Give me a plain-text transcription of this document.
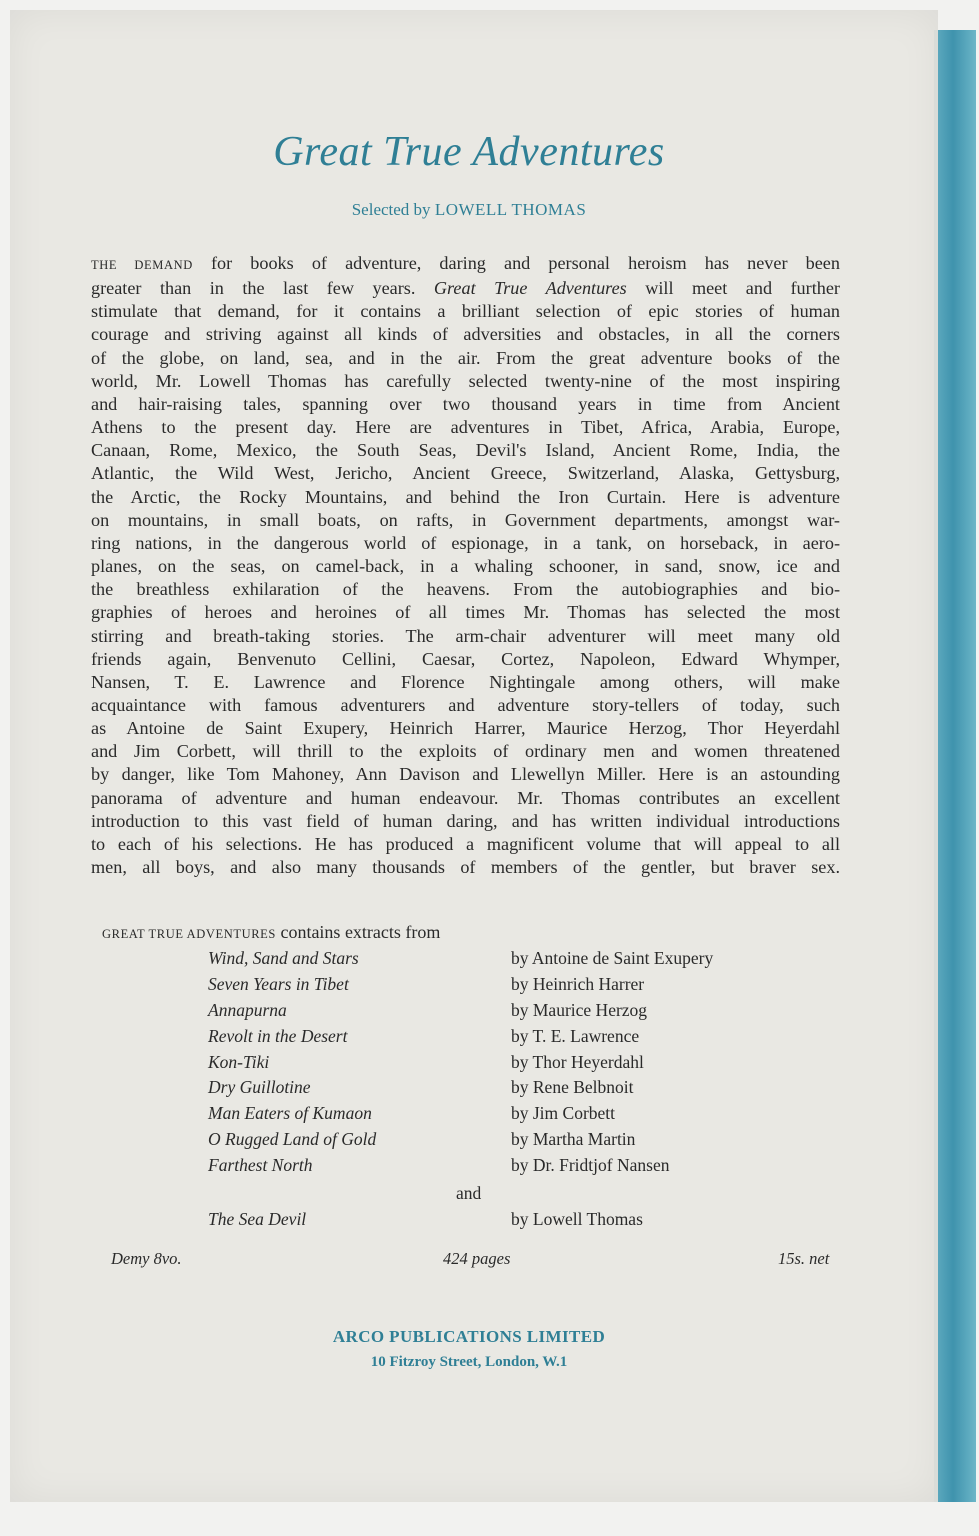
Great True Adventures
Selected by LOWELL THOMAS
THE DEMAND for books of adventure, daring and personal heroism has never been
greater than in the last few years. Great True Adventures will meet and further
stimulate that demand, for it contains a brilliant selection of epic stories of human
courage and striving against all kinds of adversities and obstacles, in all the corners
of the globe, on land, sea, and in the air. From the great adventure books of the
world, Mr. Lowell Thomas has carefully selected twenty-nine of the most inspiring
and hair-raising tales, spanning over two thousand years in time from Ancient
Athens to the present day. Here are adventures in Tibet, Africa, Arabia, Europe,
Canaan, Rome, Mexico, the South Seas, Devil's Island, Ancient Rome, India, the
Atlantic, the Wild West, Jericho, Ancient Greece, Switzerland, Alaska, Gettysburg,
the Arctic, the Rocky Mountains, and behind the Iron Curtain. Here is adventure
on mountains, in small boats, on rafts, in Government departments, amongst war-
ring nations, in the dangerous world of espionage, in a tank, on horseback, in aero-
planes, on the seas, on camel-back, in a whaling schooner, in sand, snow, ice and
the breathless exhilaration of the heavens. From the autobiographies and bio-
graphies of heroes and heroines of all times Mr. Thomas has selected the most
stirring and breath-taking stories. The arm-chair adventurer will meet many old
friends again, Benvenuto Cellini, Caesar, Cortez, Napoleon, Edward Whymper,
Nansen, T. E. Lawrence and Florence Nightingale among others, will make
acquaintance with famous adventurers and adventure story-tellers of today, such
as Antoine de Saint Exupery, Heinrich Harrer, Maurice Herzog, Thor Heyerdahl
and Jim Corbett, will thrill to the exploits of ordinary men and women threatened
by danger, like Tom Mahoney, Ann Davison and Llewellyn Miller. Here is an astounding
panorama of adventure and human endeavour. Mr. Thomas contributes an excellent
introduction to this vast field of human daring, and has written individual introductions
to each of his selections. He has produced a magnificent volume that will appeal to all
men, all boys, and also many thousands of members of the gentler, but braver sex.
GREAT TRUE ADVENTURES contains extracts from
Wind, Sand and Stars	by Antoine de Saint Exupery
Seven Years in Tibet	by Heinrich Harrer
Annapurna	by Maurice Herzog
Revolt in the Desert	by T. E. Lawrence
Kon-Tiki	by Thor Heyerdahl
Dry Guillotine	by Rene Belbnoit
Man Eaters of Kumaon	by Jim Corbett
O Rugged Land of Gold	by Martha Martin
Farthest North	by Dr. Fridtjof Nansen
and
The Sea Devil	by Lowell Thomas
Demy 8vo.	424 pages	15s. net
ARCO PUBLICATIONS LIMITED
10 Fitzroy Street, London, W.1
